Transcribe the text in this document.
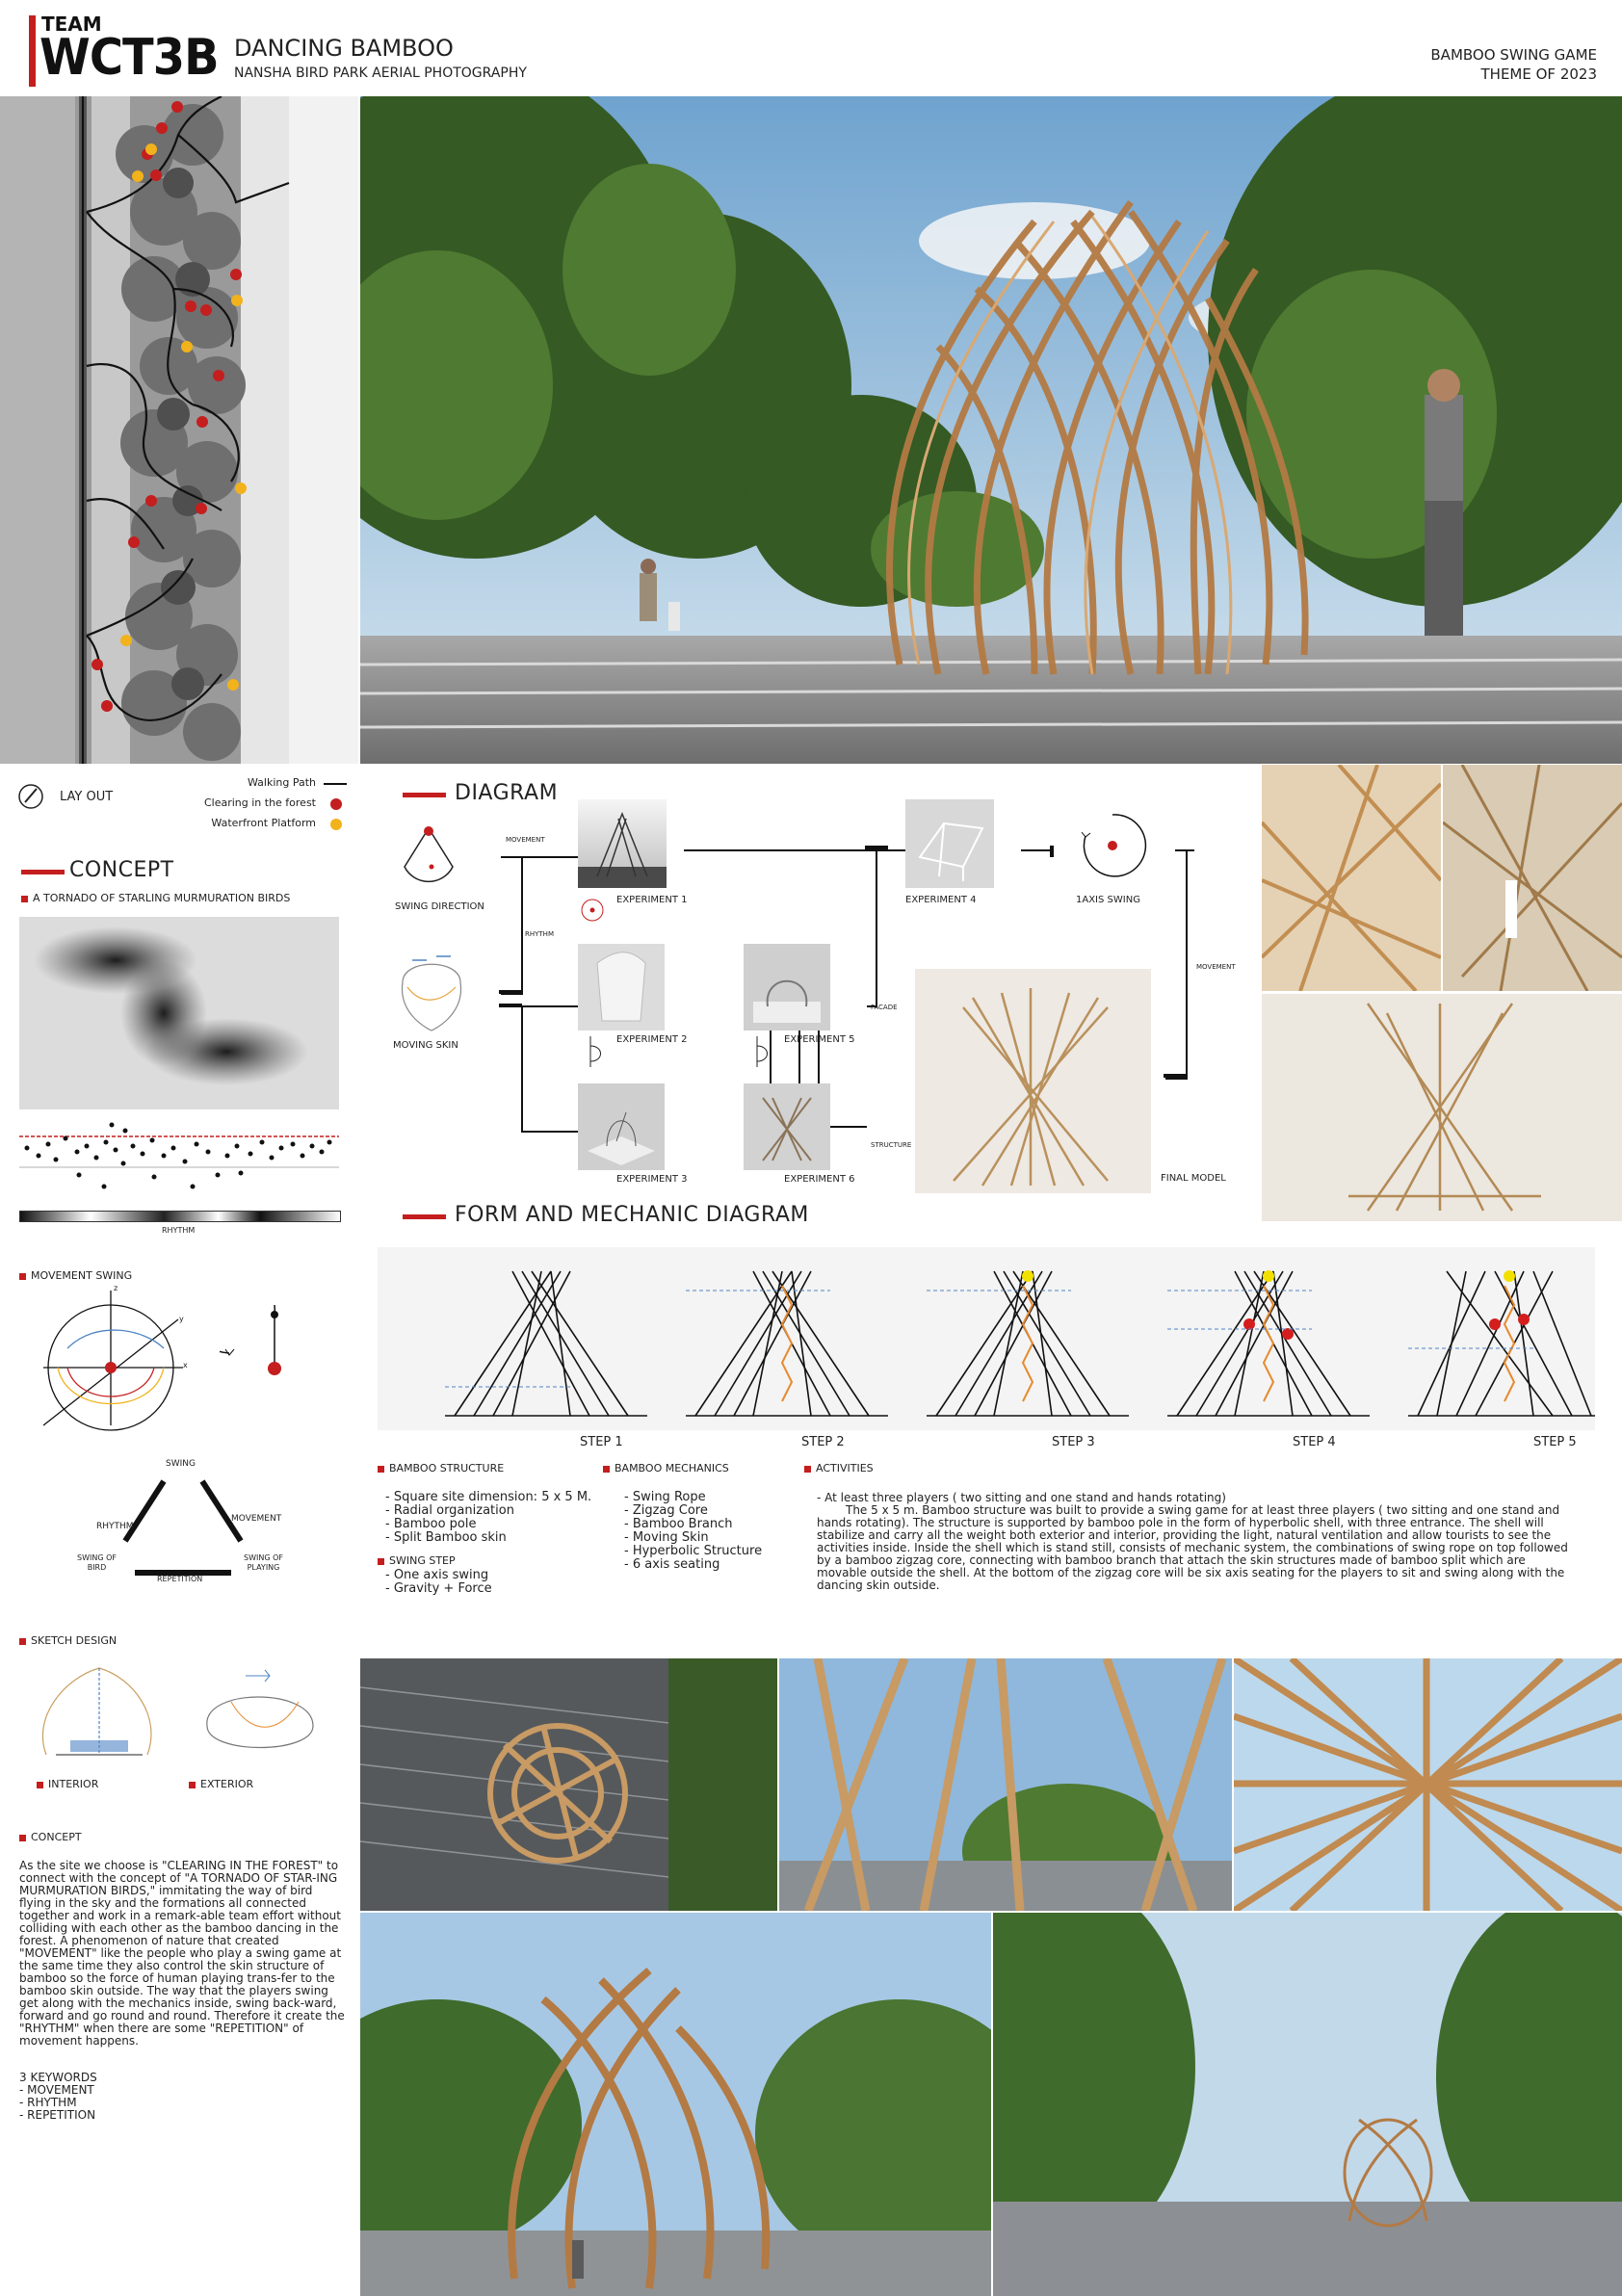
TEAM
WCT3B DANCING BAMBOO
NANSHA BIRD PARK AERIAL PHOTOGRAPHY
BAMBOO SWING GAME
THEME OF 2023
LAY OUT
Walking Path
Clearing in the forest
Waterfront Platform
CONCEPT
A TORNADO OF STARLING MURMURATION BIRDS
RHYTHM
DIAGRAM
SWING DIRECTION
MOVING SKIN
MOVEMENT
RHYTHM
FACADE
STRUCTURE
MOVEMENT
EXPERIMENT 1
EXPERIMENT 2
EXPERIMENT 3
EXPERIMENT 4
EXPERIMENT 5
EXPERIMENT 6
1AXIS SWING
FINAL MODEL
FORM AND MECHANIC DIAGRAM
STEP 1	STEP 2	STEP 3	STEP 4	STEP 5
MOVEMENT SWING
z
y
x
SWING
RHYTHM
MOVEMENT
REPETITION
SWING OF
BIRD
SWING OF
PLAYING
BAMBOO STRUCTURE
- Square site dimension: 5 x 5 M.
- Radial organization
- Bamboo pole
- Split Bamboo skin
SWING STEP
- One axis swing
- Gravity + Force
BAMBOO MECHANICS
- Swing Rope
- Zigzag Core
- Bamboo Branch
- Moving Skin
- Hyperbolic Structure
- 6 axis seating
ACTIVITIES
- At least three players ( two sitting and one stand and hands rotating)
The 5 x 5 m. Bamboo structure was built to provide a swing game for at least three players ( two sitting and one stand and hands rotating). The structure is supported by bamboo pole in the form of hyperbolic shell, with three entrance. The shell will stabilize and carry all the weight both exterior and interior, providing the light, natural ventilation and allow tourists to see the activities inside. Inside the shell which is stand still, consists of mechanic system, the combinations of swing rope on top followed by a bamboo zigzag core, connecting with bamboo branch that attach the skin structures made of bamboo split which are movable outside the shell. At the bottom of the zigzag core will be six axis seating for the players to sit and swing along with the dancing skin outside.
SKETCH DESIGN
INTERIOR	EXTERIOR
CONCEPT
As the site we choose is "CLEARING IN THE FOREST" to connect with the concept of "A TORNADO OF STAR-ING MURMURATION BIRDS," immitating the way of bird flying in the sky and the formations all connected together and work in a remark-able team effort without colliding with each other as the bamboo dancing in the forest. A phenomenon of nature that created "MOVEMENT" like the people who play a swing game at the same time they also control the skin structure of bamboo so the force of human playing trans-fer to the bamboo skin outside. The way that the players swing get along with the mechanics inside, swing back-ward, forward and go round and round. Therefore it create the "RHYTHM" when there are some "REPETITION" of movement happens.
3 KEYWORDS
- MOVEMENT
- RHYTHM
- REPETITION
